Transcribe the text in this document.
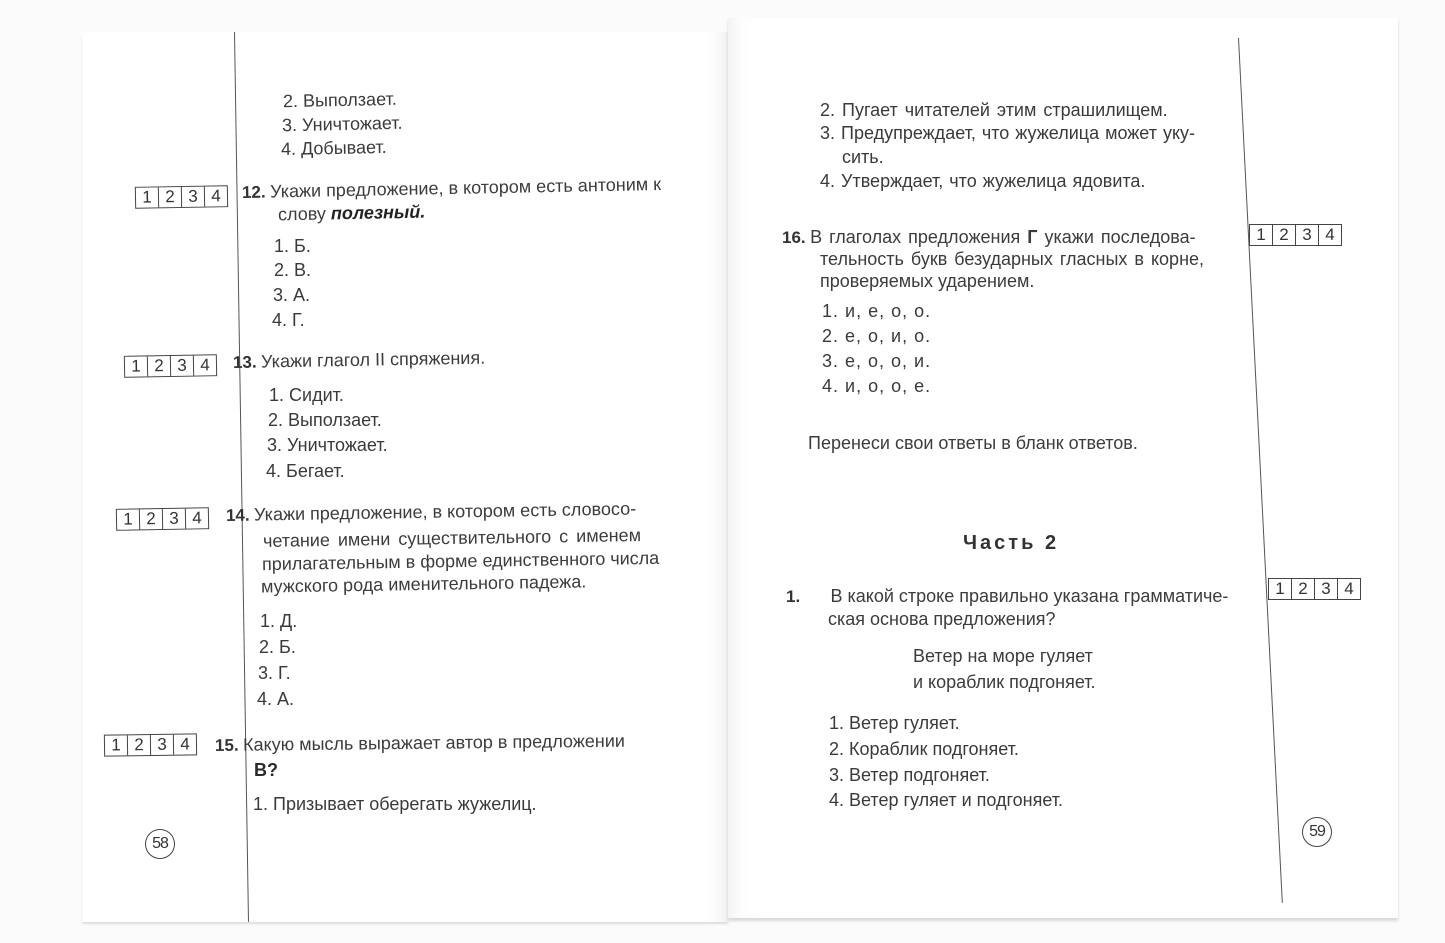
2. Выползает.
3. Уничтожает.
4. Добывает.
1 2 3 4	12. Укажи предложение, в котором есть антоним к
слову полезный.
1. Б.
2. В.
3. А.
4. Г.
1 2 3 4	13. Укажи глагол II спряжения.
1. Сидит.
2. Выползает.
3. Уничтожает.
4. Бегает.
1 2 3 4	14. Укажи предложение, в котором есть словосо-
четание имени существительного с именем
прилагательным в форме единственного числа
мужского рода именительного падежа.
1. Д.
2. Б.
3. Г.
4. А.
1 2 3 4	15. Какую мысль выражает автор в предложении
В?
1. Призывает оберегать жужелиц.
58
2. Пугает читателей этим страшилищем.
3. Предупреждает, что жужелица может уку-
сить.
4. Утверждает, что жужелица ядовита.
16. В глаголах предложения Г укажи последова-
тельность букв безударных гласных в корне,
проверяемых ударением.
1 2 3 4
1. и, е, о, о.
2. е, о, и, о.
3. е, о, о, и.
4. и, о, о, е.
Перенеси свои ответы в бланк ответов.
Часть 2
1. В какой строке правильно указана грамматиче-
ская основа предложения?
1 2 3 4
Ветер на море гуляет
и кораблик подгоняет.
1. Ветер гуляет.
2. Кораблик подгоняет.
3. Ветер подгоняет.
4. Ветер гуляет и подгоняет.
59
